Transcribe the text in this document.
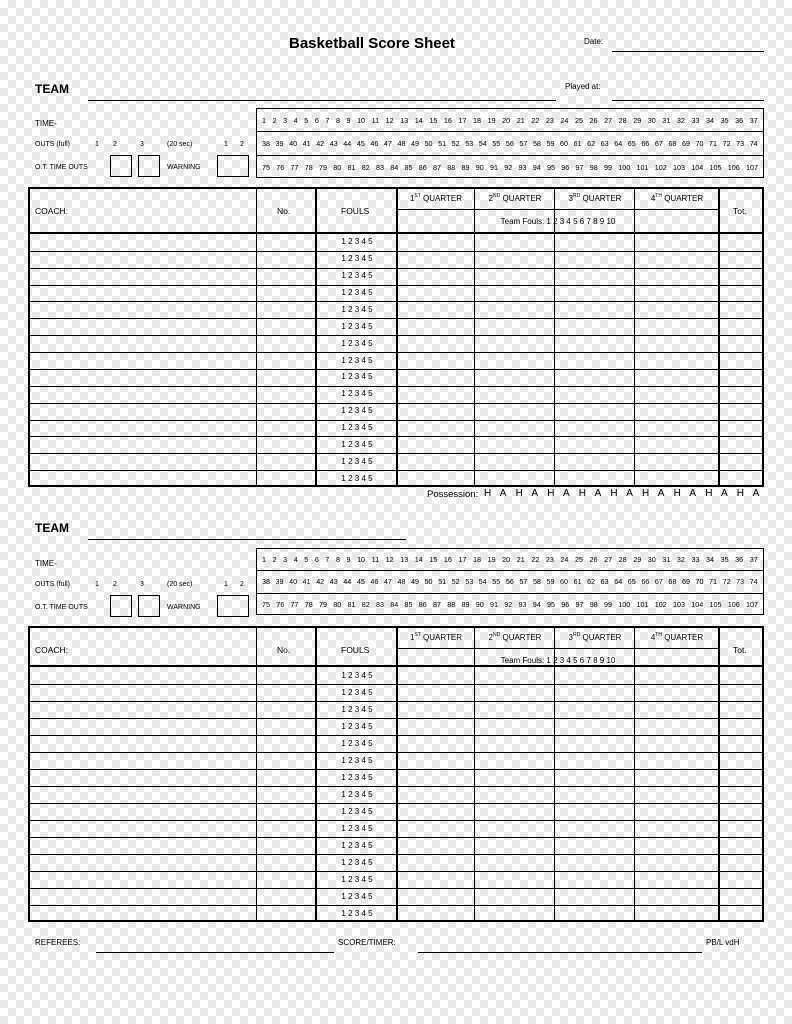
Basketball Score Sheet	Date:
TEAM	Played at:
TIME-
OUTS (full)	1 2	3	(20 sec)	1 2
O.T. TIME OUTS	WARNING
1 2 3 4 5 6 7 8 9 10 11 12 13 14 15 16 17 18 19 20 21 22 23 24 25 26 27 28 29 30 31 32 33 34 35 36 37
38 39 40 41 42 43 44 45 46 47 48 49 50 51 52 53 54 55 56 57 58 59 60 61 62 63 64 65 66 67 68 69 70 71 72 73 74
75 76 77 78 79 80 81 82 83 84 85 86 87 88 89 90 91 92 93 94 95 96 97 98 99 100 101 102 103 104 105 106 107
COACH:	No.	FOULS
1ST QUARTER	2ND QUARTER	3RD QUARTER	4TH QUARTER
Team Fouls: 1 2 3 4 5 6 7 8 9 10
Tot.
1 2 3 4 5
1 2 3 4 5
1 2 3 4 5
1 2 3 4 5
1 2 3 4 5
1 2 3 4 5
1 2 3 4 5
1 2 3 4 5
1 2 3 4 5
1 2 3 4 5
1 2 3 4 5
1 2 3 4 5
1 2 3 4 5
1 2 3 4 5
1 2 3 4 5
Possession: H A H A H A H A H A H A H A H A H A
TEAM
TIME-
OUTS (full)	1 2	3	(20 sec)	1 2
O.T. TIME OUTS	WARNING
1 2 3 4 5 6 7 8 9 10 11 12 13 14 15 16 17 18 19 20 21 22 23 24 25 26 27 28 29 30 31 32 33 34 35 36 37
38 39 40 41 42 43 44 45 46 47 48 49 50 51 52 53 54 55 56 57 58 59 60 61 62 63 64 65 66 67 68 69 70 71 72 73 74
75 76 77 78 79 80 81 82 83 84 85 86 87 88 89 90 91 92 93 94 95 96 97 98 99 100 101 102 103 104 105 106 107
COACH:	No.	FOULS
1ST QUARTER	2ND QUARTER	3RD QUARTER	4TH QUARTER
Team Fouls: 1 2 3 4 5 6 7 8 9 10
Tot.
1 2 3 4 5
1 2 3 4 5
1 2 3 4 5
1 2 3 4 5
1 2 3 4 5
1 2 3 4 5
1 2 3 4 5
1 2 3 4 5
1 2 3 4 5
1 2 3 4 5
1 2 3 4 5
1 2 3 4 5
1 2 3 4 5
1 2 3 4 5
1 2 3 4 5
REFEREES:	SCORE/TIMER:	PB/L vdH
